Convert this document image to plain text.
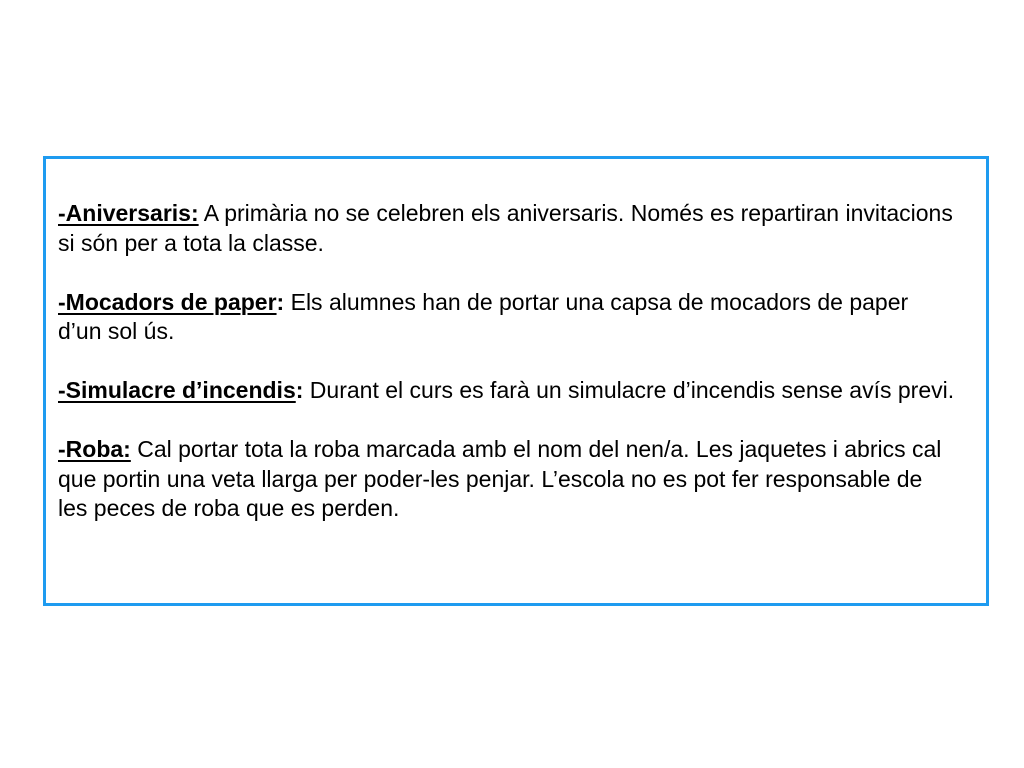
-Aniversaris: A primària no se celebren els aniversaris. Només es repartiran invitacions si són per a tota la classe.

-Mocadors de paper: Els alumnes han de portar una capsa de mocadors de paper d’un sol ús.

-Simulacre d’incendis: Durant el curs es farà un simulacre d’incendis sense avís previ.

-Roba: Cal portar tota la roba marcada amb el nom del nen/a. Les jaquetes i abrics cal que portin una veta llarga per poder-les penjar. L’escola no es pot fer responsable de les peces de roba que es perden.
